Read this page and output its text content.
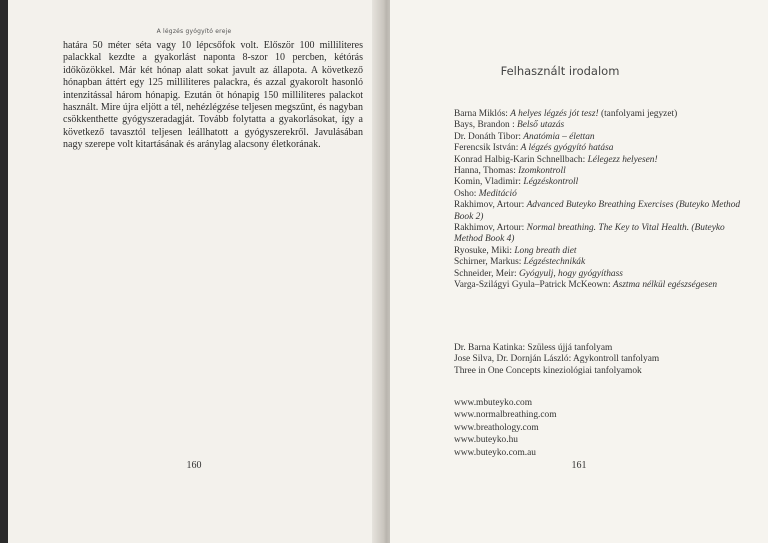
A légzés gyógyító ereje
határa 50 méter séta vagy 10 lépcsőfok volt. Először 100 milliliteres palackkal kezdte a gyakorlást naponta 8-szor 10 percben, kétórás időközökkel. Már két hónap alatt sokat javult az állapota. A következő hónapban áttért egy 125 milliliteres palackra, és azzal gyakorolt hasonló intenzitással három hónapig. Ezután öt hónapig 150 milliliteres palackot használt. Mire újra eljött a tél, nehézlégzése teljesen megszűnt, és nagyban csökkenthette gyógyszeradagját. Tovább folytatta a gyakorlásokat, így a következő tavasztól teljesen leállhatott a gyógyszerekről. Javulásában nagy szerepe volt kitartásának és aránylag alacsony életkorának.
160
Felhasznált irodalom
Barna Miklós: A helyes légzés jót tesz! (tanfolyami jegyzet)
Bays, Brandon : Belső utazás
Dr. Donáth Tibor: Anatómia – élettan
Ferencsik István: A légzés gyógyító hatása
Konrad Halbig-Karin Schnellbach: Lélegezz helyesen!
Hanna, Thomas: Izomkontroll
Komin, Vladimir: Légzéskontroll
Osho: Meditáció
Rakhimov, Artour: Advanced Buteyko Breathing Exercises (Buteyko Method Book 2)
Rakhimov, Artour: Normal breathing. The Key to Vital Health. (Buteyko Method Book 4)
Ryosuke, Miki: Long breath diet
Schirner, Markus: Légzéstechnikák
Schneider, Meir: Gyógyulj, hogy gyógyíthass
Varga-Szilágyi Gyula–Patrick McKeown: Asztma nélkül egészségesen
Dr. Barna Katinka: Szüless újjá tanfolyam
Jose Silva, Dr. Dornján László: Agykontroll tanfolyam
Three in One Concepts kineziológiai tanfolyamok
www.mbuteyko.com
www.normalbreathing.com
www.breathology.com
www.buteyko.hu
www.buteyko.com.au
161
